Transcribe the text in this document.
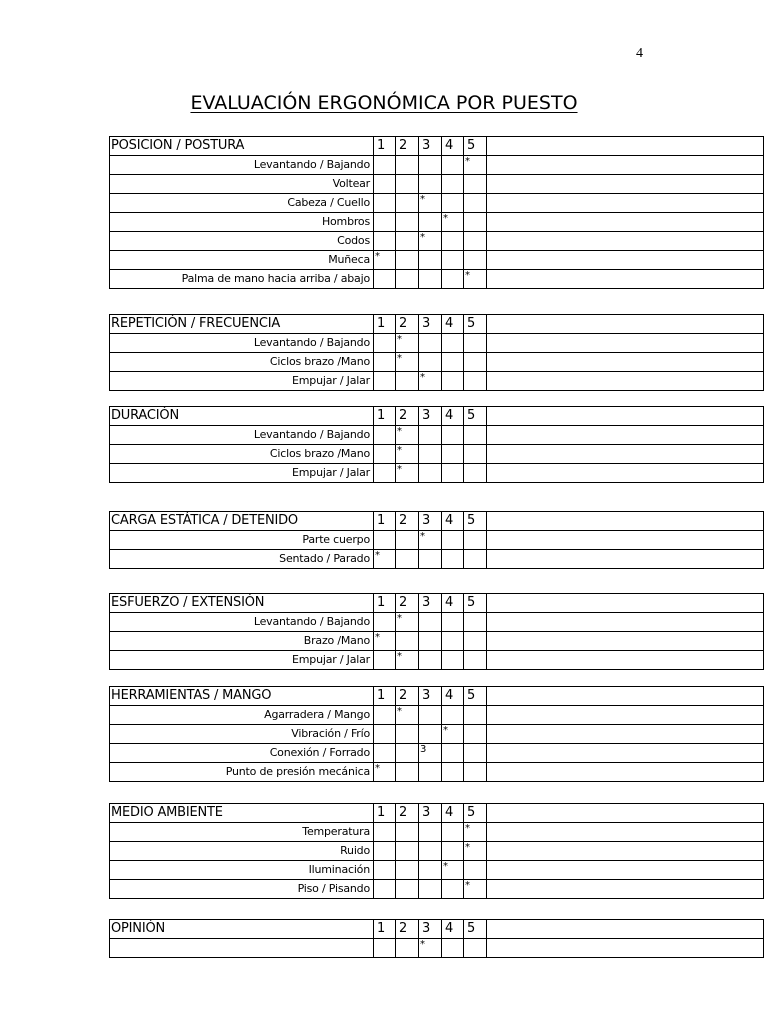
4
EVALUACIÓN ERGONÓMICA POR PUESTO
POSICION / POSTURA	1	2	3	4	5	
Levantando / Bajando					*	
Voltear						
Cabeza / Cuello			*			
Hombros				*		
Codos			*			
Muñeca	*					
Palma de mano hacia arriba / abajo					*	
REPETICIÓN / FRECUENCIA	1	2	3	4	5	
Levantando / Bajando		*				
Ciclos brazo /Mano		*				
Empujar / Jalar			*			
DURACIÓN	1	2	3	4	5	
Levantando / Bajando		*				
Ciclos brazo /Mano		*				
Empujar / Jalar		*				
CARGA ESTÁTICA / DETENIDO	1	2	3	4	5	
Parte cuerpo			*			
Sentado / Parado	*					
ESFUERZO / EXTENSIÓN	1	2	3	4	5	
Levantando / Bajando		*				
Brazo /Mano	*					
Empujar / Jalar		*				
HERRAMIENTAS / MANGO	1	2	3	4	5	
Agarradera / Mango		*				
Vibración / Frío				*		
Conexión / Forrado			3			
Punto de presión mecánica	*					
MEDIO AMBIENTE	1	2	3	4	5	
Temperatura					*	
Ruido					*	
Iluminación				*		
Piso / Pisando					*	
OPINIÓN	1	2	3	4	5	
			*			
